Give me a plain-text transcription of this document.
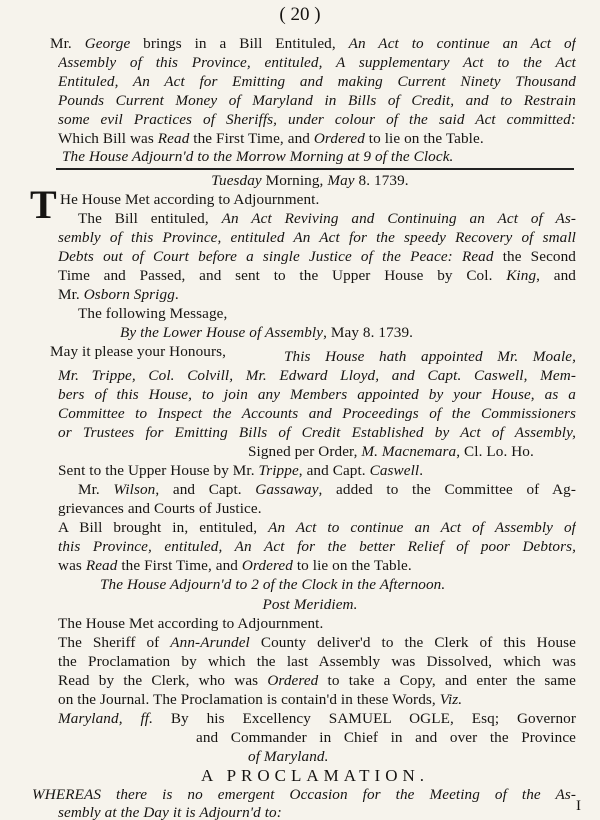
( 20 )
Mr. George brings in a Bill Entituled, An Act to continue an Act of
Assembly of this Province, entituled, A supplementary Act to the Act
Entituled, An Act for Emitting and making Current Ninety Thousand
Pounds Current Money of Maryland in Bills of Credit, and to Restrain
some evil Practices of Sheriffs, under colour of the said Act committed:
Which Bill was Read the First Time, and Ordered to lie on the Table.
The House Adjourn'd to the Morrow Morning at 9 of the Clock.
Tuesday Morning, May 8. 1739.
T He House Met according to Adjournment.
The Bill entituled, An Act Reviving and Continuing an Act of As-
sembly of this Province, entituled An Act for the speedy Recovery of small
Debts out of Court before a single Justice of the Peace: Read the Second
Time and Passed, and sent to the Upper House by Col. King, and
Mr. Osborn Sprigg.
The following Message,
By the Lower House of Assembly, May 8. 1739.
May it please your Honours,	This House hath appointed Mr. Moale,
Mr. Trippe, Col. Colvill, Mr. Edward Lloyd, and Capt. Caswell, Mem-
bers of this House, to join any Members appointed by your House, as a
Committee to Inspect the Accounts and Proceedings of the Commissioners
or Trustees for Emitting Bills of Credit Established by Act of Assembly,
Signed per Order, M. Macnemara, Cl. Lo. Ho.
Sent to the Upper House by Mr. Trippe, and Capt. Caswell.
Mr. Wilson, and Capt. Gassaway, added to the Committee of Ag-
grievances and Courts of Justice.
A Bill brought in, entituled, An Act to continue an Act of Assembly of
this Province, entituled, An Act for the better Relief of poor Debtors,
was Read the First Time, and Ordered to lie on the Table.
The House Adjourn'd to 2 of the Clock in the Afternoon.
Post Meridiem.
The House Met according to Adjournment.
The Sheriff of Ann-Arundel County deliver'd to the Clerk of this House
the Proclamation by which the last Assembly was Dissolved, which was
Read by the Clerk, who was Ordered to take a Copy, and enter the same
on the Journal. The Proclamation is contain'd in these Words, Viz.
Maryland, ff. By his Excellency SAMUEL OGLE, Esq; Governor
and Commander in Chief in and over the Province
of Maryland.
A PROCLAMATION.
WHEREAS there is no emergent Occasion for the Meeting of the As-
sembly at the Day it is Adjourn'd to:	I
